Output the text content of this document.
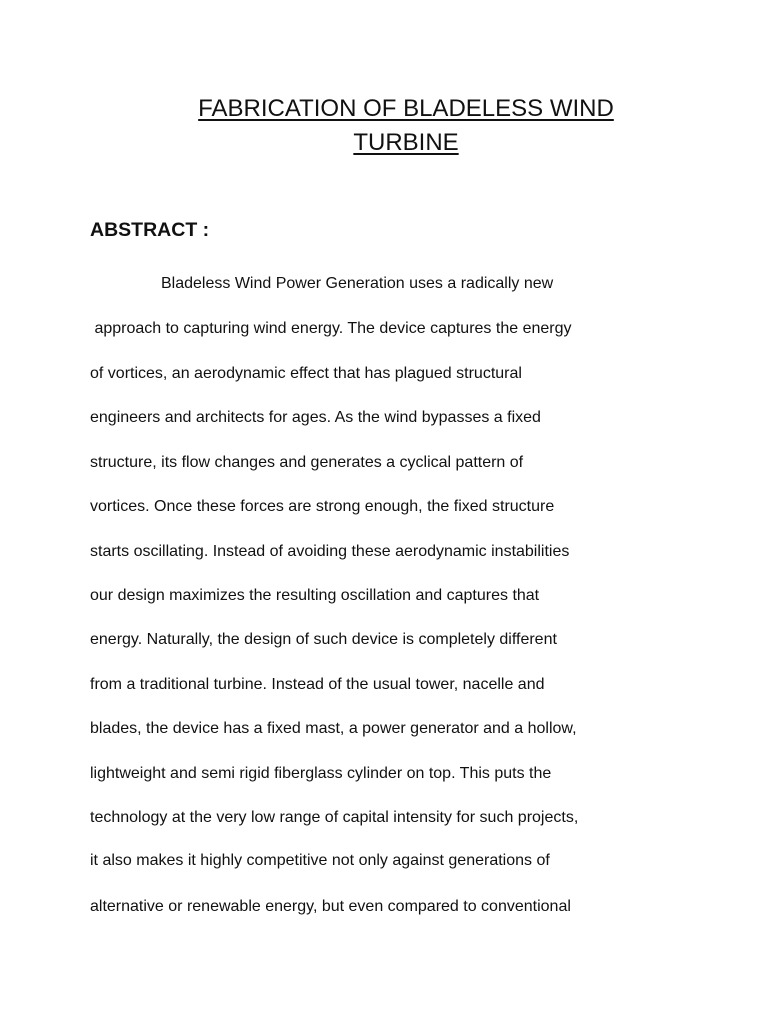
FABRICATION OF BLADELESS WIND
TURBINE
ABSTRACT :

Bladeless Wind Power Generation uses a radically new

approach to capturing wind energy. The device captures the energy

of vortices, an aerodynamic effect that has plagued structural

engineers and architects for ages. As the wind bypasses a fixed

structure, its flow changes and generates a cyclical pattern of

vortices. Once these forces are strong enough, the fixed structure

starts oscillating. Instead of avoiding these aerodynamic instabilities

our design maximizes the resulting oscillation and captures that

energy. Naturally, the design of such device is completely different

from a traditional turbine. Instead of the usual tower, nacelle and

blades, the device has a fixed mast, a power generator and a hollow,

lightweight and semi rigid fiberglass cylinder on top. This puts the

technology at the very low range of capital intensity for such projects,

it also makes it highly competitive not only against generations of

alternative or renewable energy, but even compared to conventional
